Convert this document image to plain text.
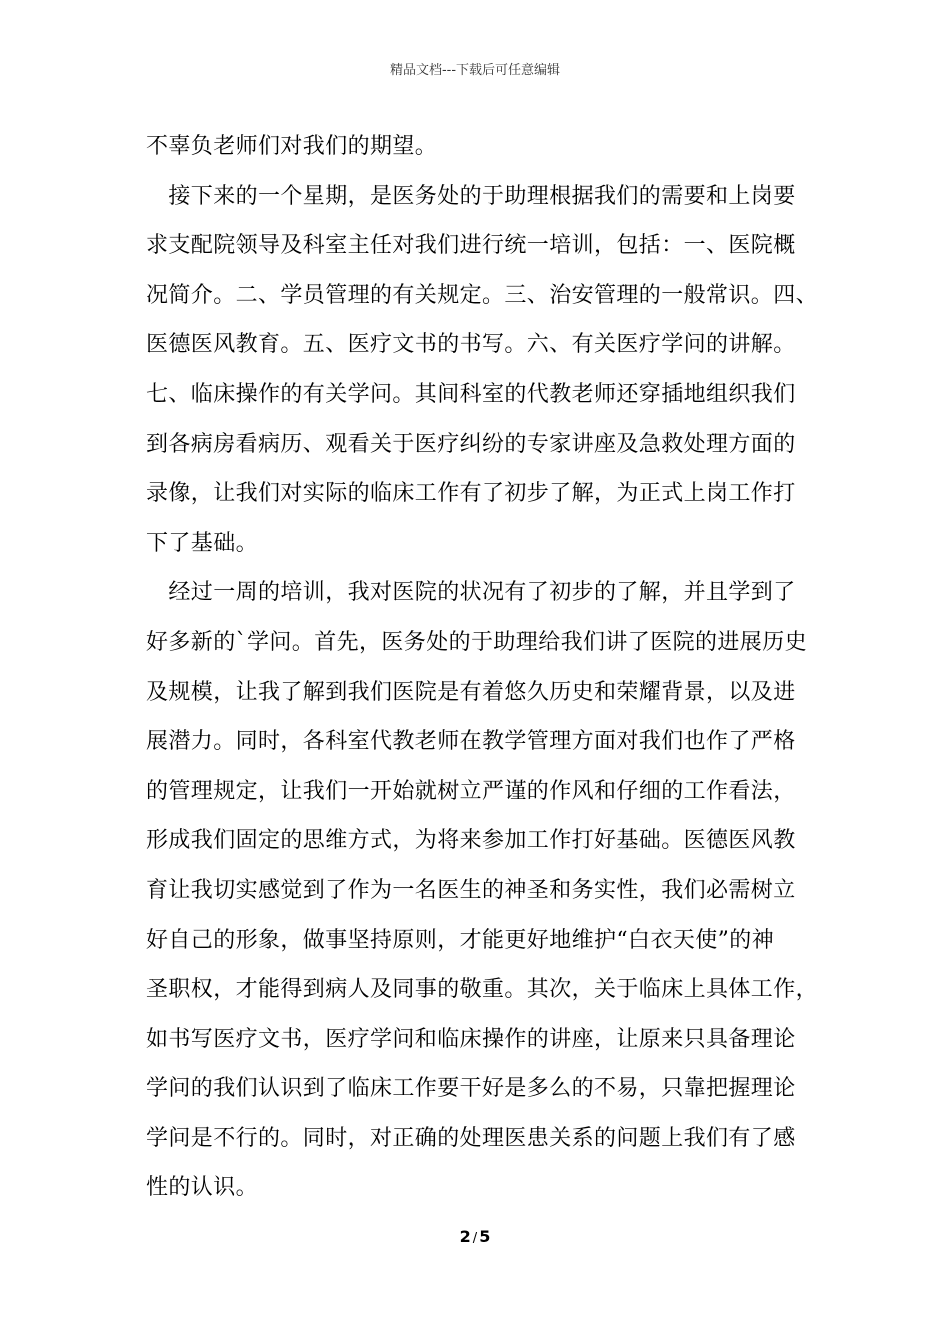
精品文档---下载后可任意编辑
不辜负老师们对我们的期望。
　接下来的一个星期，是医务处的于助理根据我们的需要和上岗要
求支配院领导及科室主任对我们进行统一培训，包括：一、医院概
况简介。二、学员管理的有关规定。三、治安管理的一般常识。四、
医德医风教育。五、医疗文书的书写。六、有关医疗学问的讲解。
七、临床操作的有关学问。其间科室的代教老师还穿插地组织我们
到各病房看病历、观看关于医疗纠纷的专家讲座及急救处理方面的
录像，让我们对实际的临床工作有了初步了解，为正式上岗工作打
下了基础。
　经过一周的培训，我对医院的状况有了初步的了解，并且学到了
好多新的`学问。首先，医务处的于助理给我们讲了医院的进展历史
及规模，让我了解到我们医院是有着悠久历史和荣耀背景，以及进
展潜力。同时，各科室代教老师在教学管理方面对我们也作了严格
的管理规定，让我们一开始就树立严谨的作风和仔细的工作看法，
形成我们固定的思维方式，为将来参加工作打好基础。医德医风教
育让我切实感觉到了作为一名医生的神圣和务实性，我们必需树立
好自己的形象，做事坚持原则，才能更好地维护“白衣天使”的神
圣职权，才能得到病人及同事的敬重。其次，关于临床上具体工作，
如书写医疗文书，医疗学问和临床操作的讲座，让原来只具备理论
学问的我们认识到了临床工作要干好是多么的不易，只靠把握理论
学问是不行的。同时，对正确的处理医患关系的问题上我们有了感
性的认识。
2 / 5
